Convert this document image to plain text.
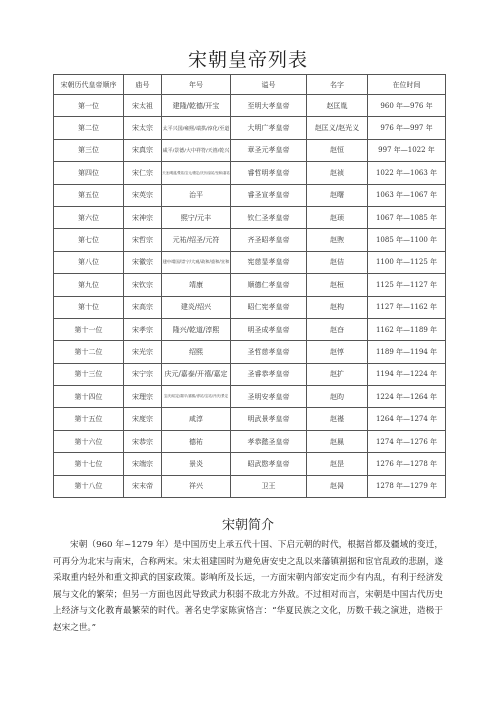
宋朝皇帝列表
宋朝历代皇帝顺序	庙号	年号	谥号	名字	在位时间
第一位	宋太祖	建隆/乾德/开宝	至明大孝皇帝	赵匡胤	960 年—976 年
第二位	宋太宗	太平兴国/雍熙/端拱/淳化/至道	大明广孝皇帝	赵匡义/赵光义	976 年—997 年
第三位	宋真宗	咸平/景德/大中祥符/天禧/乾兴	章圣元孝皇帝	赵恒	997 年—1022 年
第四位	宋仁宗	天圣/明道/景祐/宝元/康定/庆历/皇祐/至和/嘉祐	睿哲明孝皇帝	赵祯	1022 年—1063 年
第五位	宋英宗	治平	睿圣宣孝皇帝	赵曙	1063 年—1067 年
第六位	宋神宗	熙宁/元丰	钦仁圣孝皇帝	赵顼	1067 年—1085 年
第七位	宋哲宗	元祐/绍圣/元符	齐圣昭孝皇帝	赵煦	1085 年—1100 年
第八位	宋徽宗	建中靖国/崇宁/大观/政和/重和/宣和	宪慈显孝皇帝	赵佶	1100 年—1125 年
第九位	宋钦宗	靖康	顺德仁孝皇帝	赵桓	1125 年—1127 年
第十位	宋高宗	建炎/绍兴	昭仁宪孝皇帝	赵构	1127 年—1162 年
第十一位	宋孝宗	隆兴/乾道/淳熙	明圣成孝皇帝	赵昚	1162 年—1189 年
第十二位	宋光宗	绍熙	圣哲慈孝皇帝	赵惇	1189 年—1194 年
第十三位	宋宁宗	庆元/嘉泰/开禧/嘉定	圣睿恭孝皇帝	赵扩	1194 年—1224 年
第十四位	宋理宗	宝庆/绍定/端平/嘉熙/淳祐/宝祐/开庆/景定	圣明安孝皇帝	赵昀	1224 年—1264 年
第十五位	宋度宗	咸淳	明武景孝皇帝	赵禥	1264 年—1274 年
第十六位	宋恭宗	德祐	孝恭懿圣皇帝	赵㬎	1274 年—1276 年
第十七位	宋端宗	景炎	昭武愍孝皇帝	赵昰	1276 年—1278 年
第十八位	宋末帝	祥兴	卫王	赵昺	1278 年—1279 年
宋朝简介

宋朝（960 年~1279 年）是中国历史上承五代十国、下启元朝的时代，根据首都及疆域的变迁，可再分为北宋与南宋，合称两宋。宋太祖建国时为避免唐安史之乱以来藩镇割据和宦官乱政的悲剧，遂采取重内轻外和重文抑武的国家政策。影响所及长远，一方面宋朝内部安定而少有内乱，有利于经济发展与文化的繁荣；但另一方面也因此导致武力积弱不敌北方外敌。不过相对而言，宋朝是中国古代历史上经济与文化教育最繁荣的时代。著名史学家陈寅恪言：“华夏民族之文化，历数千载之演进，造极于赵宋之世。”
